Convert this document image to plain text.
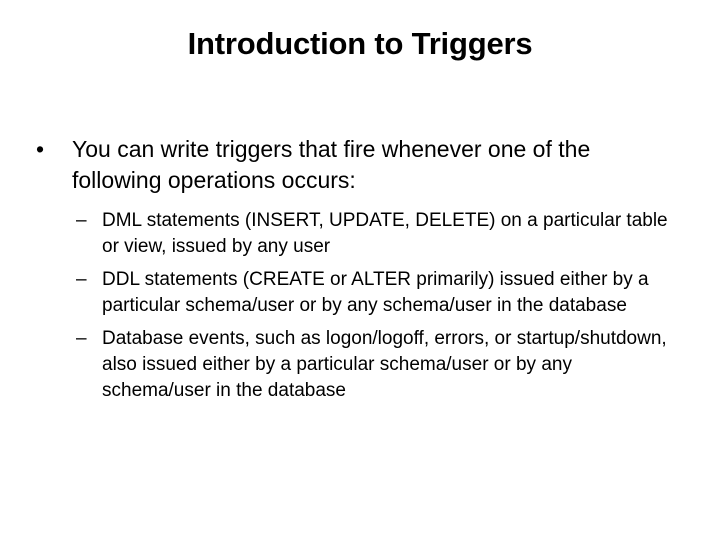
Introduction to Triggers
•	You can write triggers that fire whenever one of the following operations occurs:
– DML statements (INSERT, UPDATE, DELETE) on a particular table or view, issued by any user
– DDL statements (CREATE or ALTER primarily) issued either by a particular schema/user or by any schema/user in the database
– Database events, such as logon/logoff, errors, or startup/shutdown, also issued either by a particular schema/user or by any schema/user in the database
